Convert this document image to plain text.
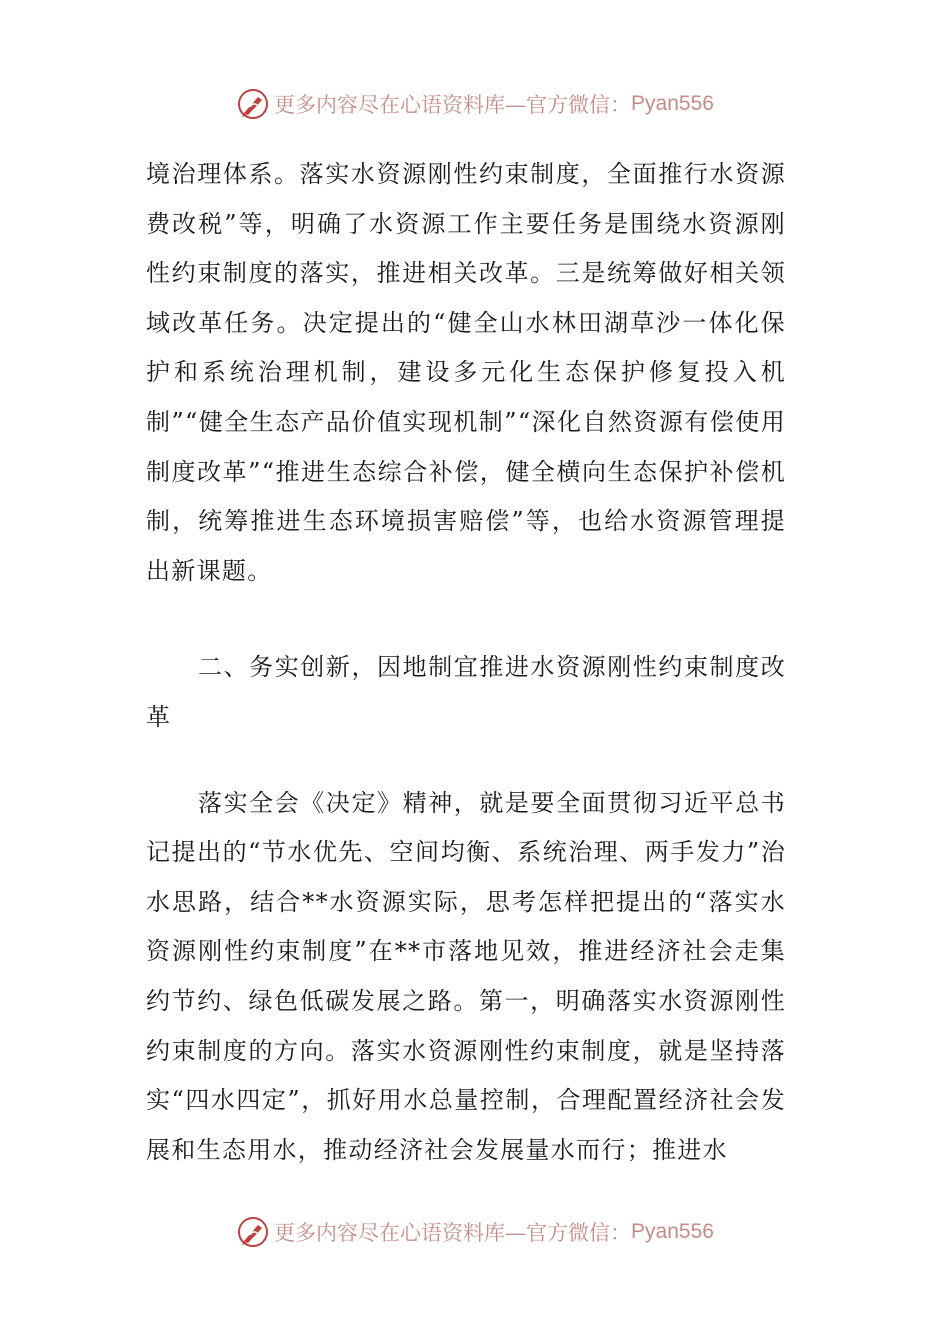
更多内容尽在心语资料库—官方微信： Pyan556

境治理体系。落实水资源刚性约束制度，全面推行水资源费改税”等，明确了水资源工作主要任务是围绕水资源刚性约束制度的落实，推进相关改革。三是统筹做好相关领域改革任务。决定提出的“健全山水林田湖草沙一体化保护和系统治理机制，建设多元化生态保护修复投入机制”“健全生态产品价值实现机制”“深化自然资源有偿使用制度改革”“推进生态综合补偿，健全横向生态保护补偿机制，统筹推进生态环境损害赔偿”等，也给水资源管理提出新课题。

二、务实创新，因地制宜推进水资源刚性约束制度改革

落实全会《决定》精神，就是要全面贯彻习近平总书记提出的“节水优先、空间均衡、系统治理、两手发力”治水思路，结合**水资源实际，思考怎样把提出的“落实水资源刚性约束制度”在**市落地见效，推进经济社会走集约节约、绿色低碳发展之路。第一，明确落实水资源刚性约束制度的方向。落实水资源刚性约束制度，就是坚持落实“四水四定”，抓好用水总量控制，合理配置经济社会发展和生态用水，推动经济社会发展量水而行；推进水

更多内容尽在心语资料库—官方微信： Pyan556
